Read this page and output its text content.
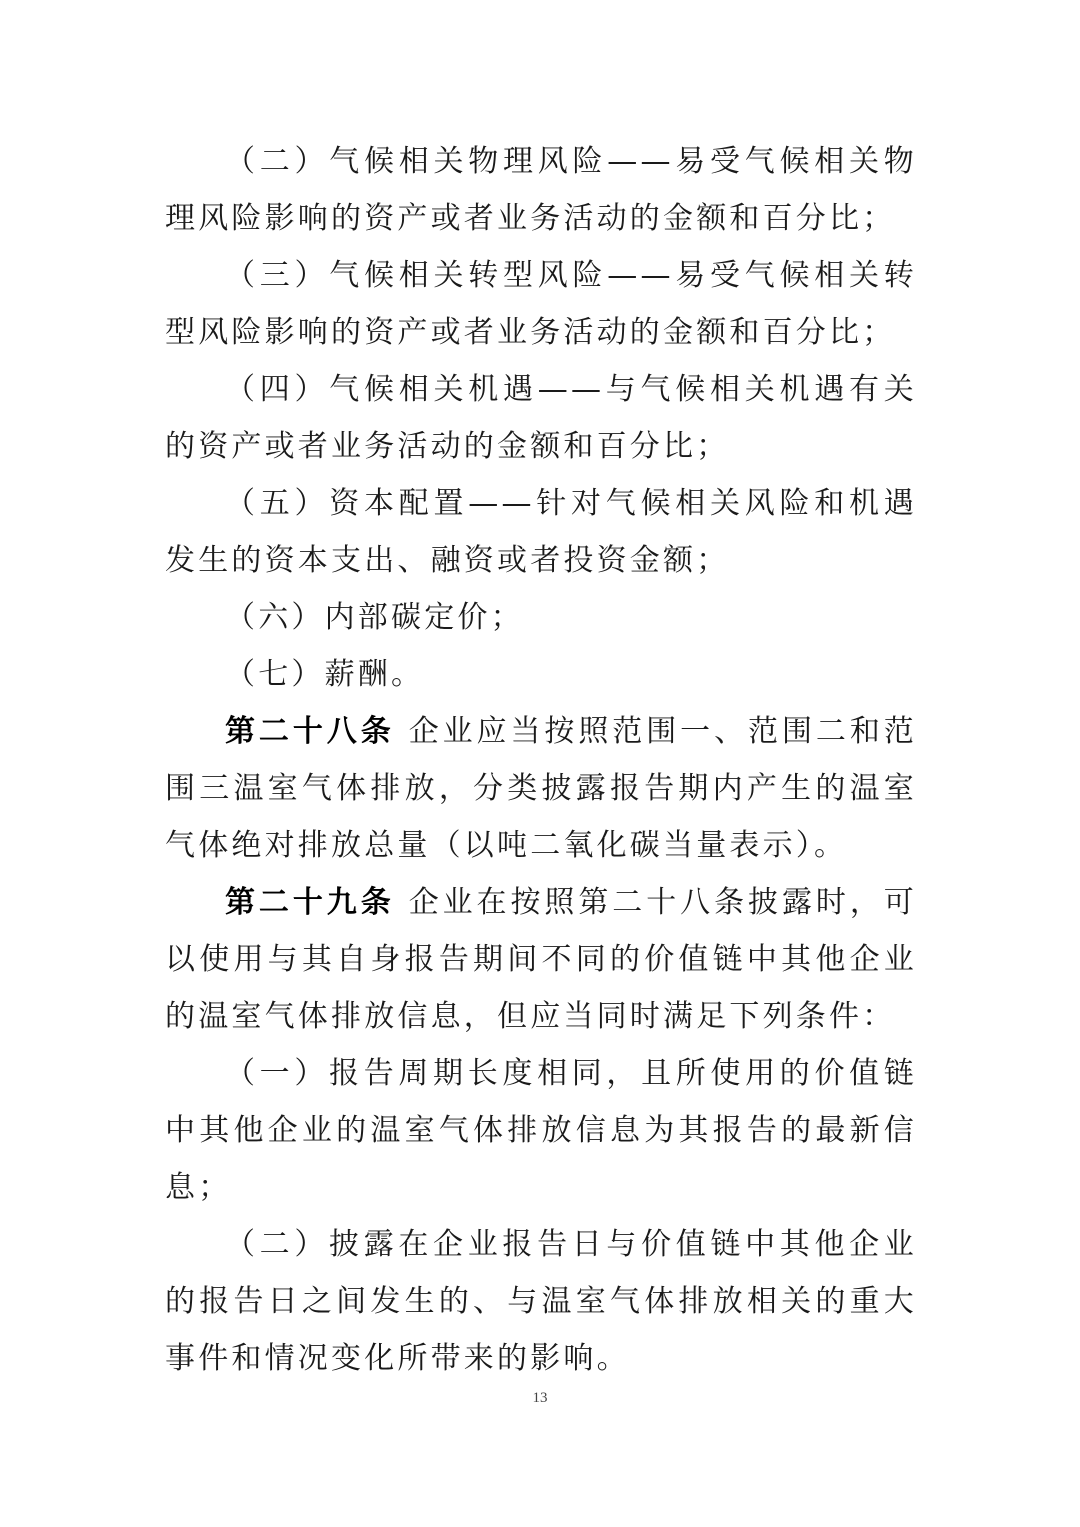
（二）气候相关物理风险——易受气候相关物理风险影响的资产或者业务活动的金额和百分比；

（三）气候相关转型风险——易受气候相关转型风险影响的资产或者业务活动的金额和百分比；

（四）气候相关机遇——与气候相关机遇有关的资产或者业务活动的金额和百分比；

（五）资本配置——针对气候相关风险和机遇发生的资本支出、融资或者投资金额；

（六）内部碳定价；

（七）薪酬。

第二十八条 企业应当按照范围一、范围二和范围三温室气体排放，分类披露报告期内产生的温室气体绝对排放总量（以吨二氧化碳当量表示）。

第二十九条 企业在按照第二十八条披露时，可以使用与其自身报告期间不同的价值链中其他企业的温室气体排放信息，但应当同时满足下列条件：

（一）报告周期长度相同，且所使用的价值链中其他企业的温室气体排放信息为其报告的最新信息；

（二）披露在企业报告日与价值链中其他企业的报告日之间发生的、与温室气体排放相关的重大事件和情况变化所带来的影响。

13
